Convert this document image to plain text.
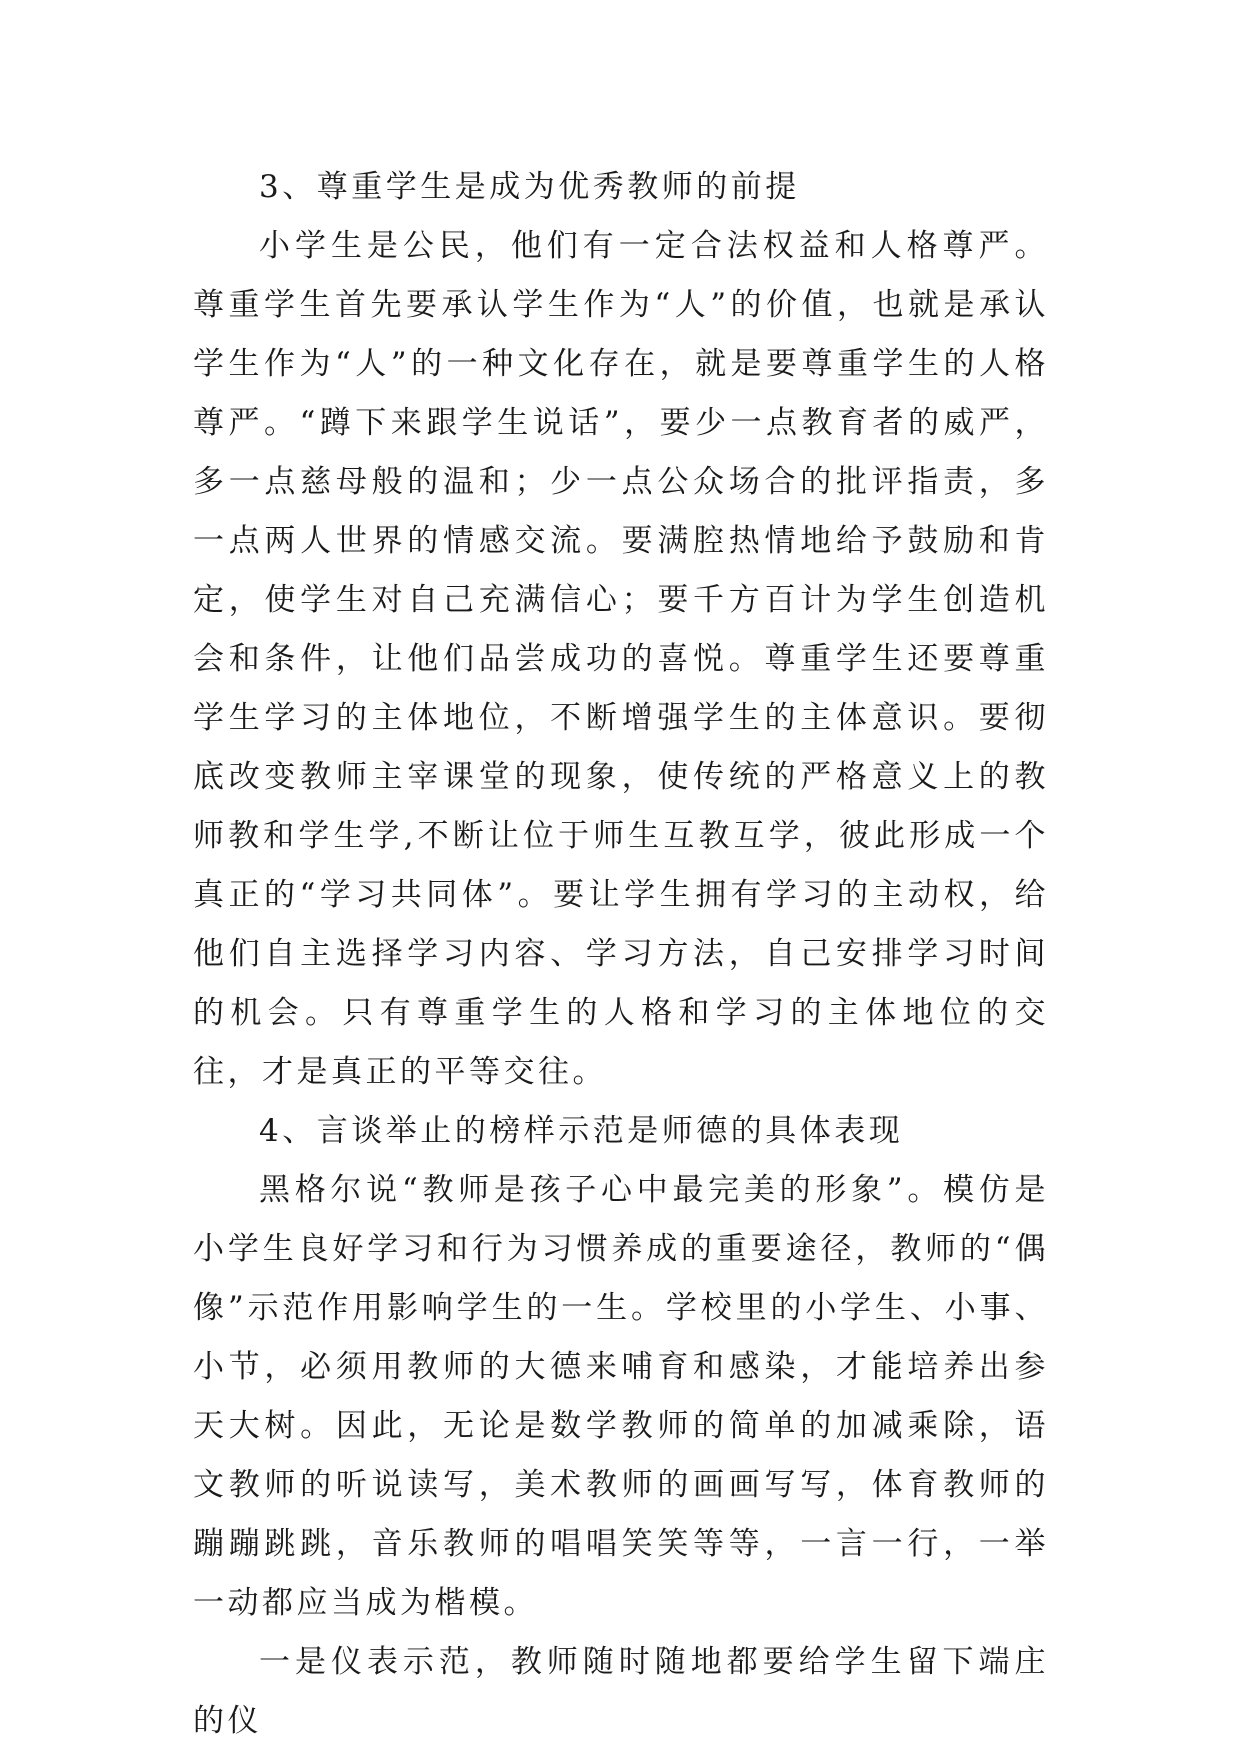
3、尊重学生是成为优秀教师的前提

小学生是公民，他们有一定合法权益和人格尊严。尊重学生首先要承认学生作为“人”的价值，也就是承认学生作为“人”的一种文化存在，就是要尊重学生的人格尊严。“蹲下来跟学生说话”，要少一点教育者的威严，多一点慈母般的温和；少一点公众场合的批评指责，多一点两人世界的情感交流。要满腔热情地给予鼓励和肯定，使学生对自己充满信心；要千方百计为学生创造机会和条件，让他们品尝成功的喜悦。尊重学生还要尊重学生学习的主体地位，不断增强学生的主体意识。要彻底改变教师主宰课堂的现象，使传统的严格意义上的教师教和学生学,不断让位于师生互教互学，彼此形成一个真正的“学习共同体”。要让学生拥有学习的主动权，给他们自主选择学习内容、学习方法，自己安排学习时间的机会。只有尊重学生的人格和学习的主体地位的交往，才是真正的平等交往。

4、言谈举止的榜样示范是师德的具体表现

黑格尔说“教师是孩子心中最完美的形象”。模仿是小学生良好学习和行为习惯养成的重要途径，教师的“偶像”示范作用影响学生的一生。学校里的小学生、小事、小节，必须用教师的大德来哺育和感染，才能培养出参天大树。因此，无论是数学教师的简单的加减乘除，语文教师的听说读写，美术教师的画画写写，体育教师的蹦蹦跳跳，音乐教师的唱唱笑笑等等，一言一行，一举一动都应当成为楷模。

一是仪表示范，教师随时随地都要给学生留下端庄的仪
